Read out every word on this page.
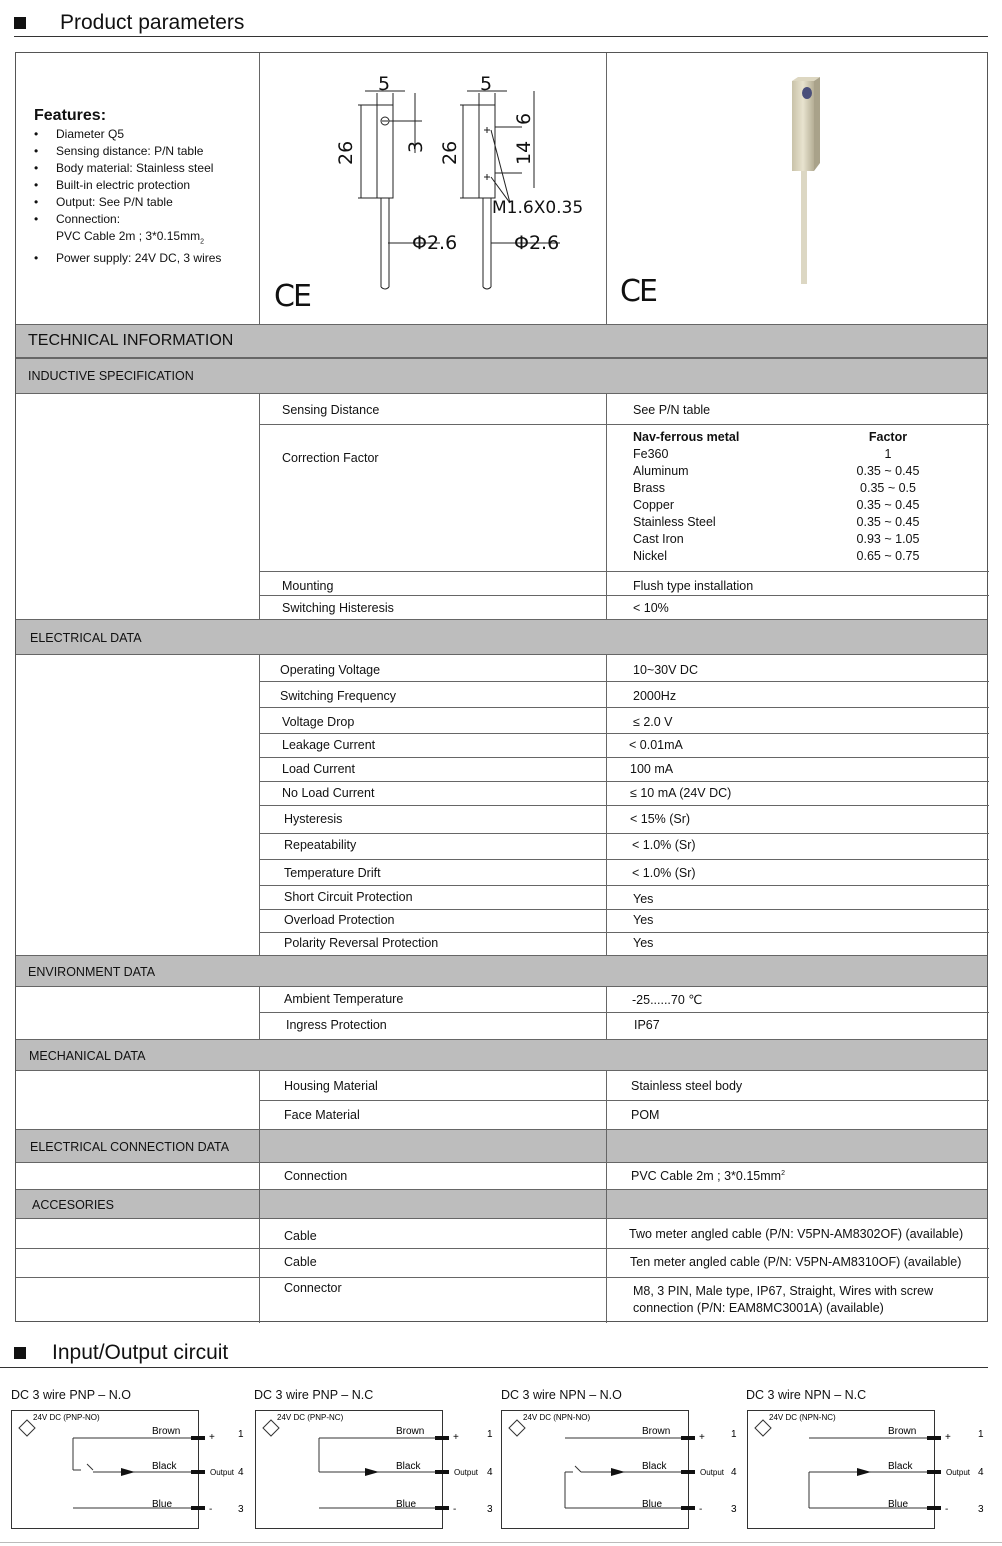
Product parameters
Features:
• Diameter Q5
• Sensing distance: P/N table
• Body material: Stainless steel
• Built-in electric protection
• Output: See P/N table
• Connection:
PVC Cable 2m ; $3*0.15mm_2$
• Power supply: 24V DC, 3 wires
5	5
26	26
3
6
14
M1.6X0.35
Φ2.6	Φ2.6
CE	CE
TECHNICAL INFORMATION
INDUCTIVE SPECIFICATION
Sensing Distance	See P/N table
Correction Factor
Nav-ferrous metal	Factor
Fe360	1
Aluminum	0.35 ~ 0.45
Brass	0.35 ~ 0.5
Copper	0.35 ~ 0.45
Stainless Steel	0.35 ~ 0.45
Cast Iron	0.93 ~ 1.05
Nickel	0.65 ~ 0.75
Mounting	Flush type installation
Switching Histeresis	< 10%
ELECTRICAL DATA
Operating Voltage	10~30V DC
Switching Frequency	2000Hz
Voltage Drop	≤ 2.0 V
Leakage Current	< 0.01mA
Load Current	100 mA
No Load Current	≤ 10 mA (24V DC)
Hysteresis	< 15% (Sr)
Repeatability	< 1.0% (Sr)
Temperature Drift	< 1.0% (Sr)
Short Circuit Protection	Yes
Overload Protection	Yes
Polarity Reversal Protection	Yes
ENVIRONMENT DATA
Ambient Temperature	-25......70 ℃
Ingress Protection	IP67
MECHANICAL DATA
Housing Material	Stainless steel body
Face Material	POM
ELECTRICAL CONNECTION DATA
Connection	PVC Cable 2m ; $3*0.15mm^2$
ACCESORIES
Cable	Two meter angled cable (P/N: V5PN-AM8302OF) (available)
Cable	Ten meter angled cable (P/N: V5PN-AM8310OF) (available)
Connector	M8, 3 PIN, Male type, IP67, Straight, Wires with screw
connection (P/N: EAM8MC3001A) (available)
Input/Output circuit
DC 3 wire PNP – N.O	DC 3 wire PNP – N.C	DC 3 wire NPN – N.O	DC 3 wire NPN – N.C
24V DC (PNP-NO)
Brown
Black
Blue
+
Output
-
1
4
3
24V DC (PNP-NC)
Brown
Black
Blue
+
Output
-
1
4
3
24V DC (NPN-NO)
Brown
Black
Blue
+
Output
-
1
4
3
24V DC (NPN-NC)
Brown
Black
Blue
+
Output
-
1
4
3
